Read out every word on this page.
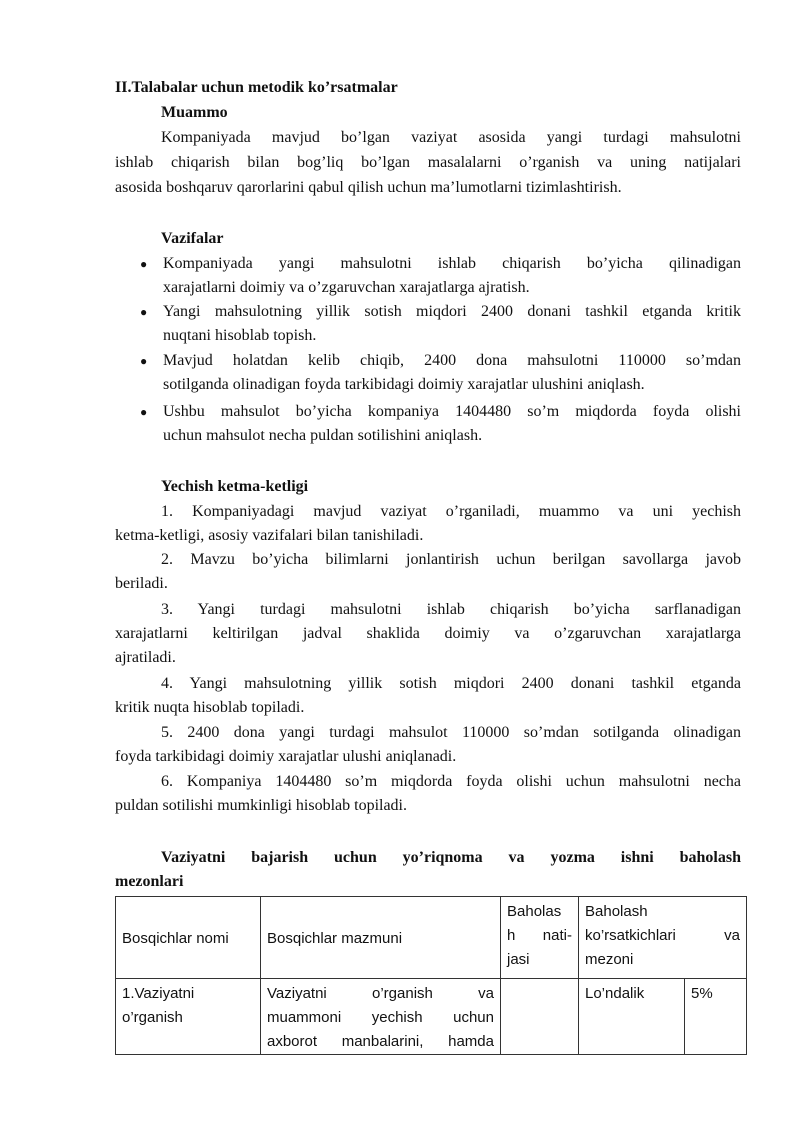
II.Talabalar uchun metodik ko’rsatmalar
Muammo
Kompaniyada mavjud bo’lgan vaziyat asosida yangi turdagi mahsulotni
ishlab chiqarish bilan bog’liq bo’lgan masalalarni o’rganish va uning natijalari
asosida boshqaruv qarorlarini qabul qilish uchun ma’lumotlarni tizimlashtirish.
Vazifalar
● Kompaniyada yangi mahsulotni ishlab chiqarish bo’yicha qilinadigan
xarajatlarni doimiy va o’zgaruvchan xarajatlarga ajratish.
● Yangi mahsulotning yillik sotish miqdori 2400 donani tashkil etganda kritik
nuqtani hisoblab topish.
● Mavjud holatdan kelib chiqib, 2400 dona mahsulotni 110000 so’mdan
sotilganda olinadigan foyda tarkibidagi doimiy xarajatlar ulushini aniqlash.
● Ushbu mahsulot bo’yicha kompaniya 1404480 so’m miqdorda foyda olishi
uchun mahsulot necha puldan sotilishini aniqlash.
Yechish ketma-ketligi
1. Kompaniyadagi mavjud vaziyat o’rganiladi, muammo va uni yechish
ketma-ketligi, asosiy vazifalari bilan tanishiladi.
2. Mavzu bo’yicha bilimlarni jonlantirish uchun berilgan savollarga javob
beriladi.
3. Yangi turdagi mahsulotni ishlab chiqarish bo’yicha sarflanadigan
xarajatlarni keltirilgan jadval shaklida doimiy va o’zgaruvchan xarajatlarga
ajratiladi.
4. Yangi mahsulotning yillik sotish miqdori 2400 donani tashkil etganda
kritik nuqta hisoblab topiladi.
5. 2400 dona yangi turdagi mahsulot 110000 so’mdan sotilganda olinadigan
foyda tarkibidagi doimiy xarajatlar ulushi aniqlanadi.
6. Kompaniya 1404480 so’m miqdorda foyda olishi uchun mahsulotni necha
puldan sotilishi mumkinligi hisoblab topiladi.
Vaziyatni bajarish uchun yo’riqnoma va yozma ishni baholash
mezonlari
Bosqichlar nomi	Bosqichlar mazmuni	Baholas
h nati-
jasi	Baholash
ko’rsatkichlari va
mezoni	

1.Vaziyatni
o’rganish	Vaziyatni o’rganish va
muammoni yechish uchun
axborot manbalarini, hamda		Lo’ndalik	5%
